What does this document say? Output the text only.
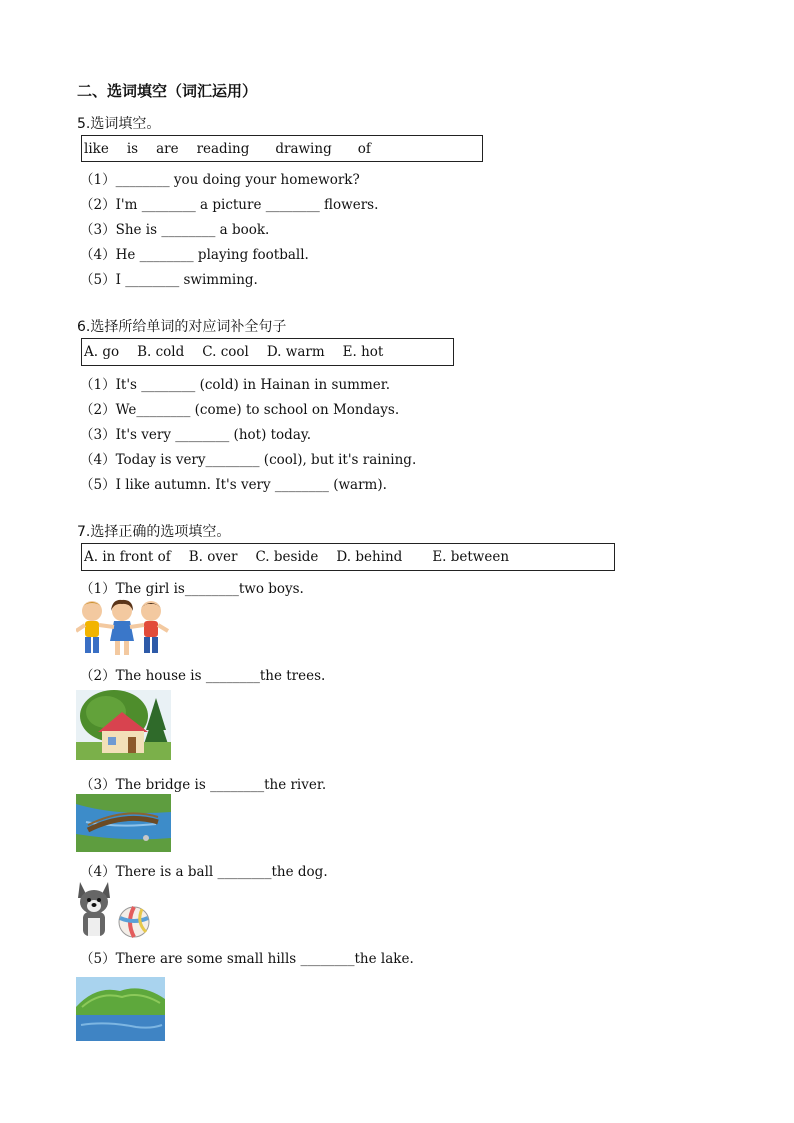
二、选词填空（词汇运用）
5.选词填空。
like is are reading drawing of
（1）________ you doing your homework?
（2）I'm ________ a picture ________ flowers.
（3）She is ________ a book.
（4）He ________ playing football.
（5）I ________ swimming.
6.选择所给单词的对应词补全句子
A. go B. cold C. cool D. warm E. hot
（1）It's ________ (cold) in Hainan in summer.
（2）We________ (come) to school on Mondays.
（3）It's very ________ (hot) today.
（4）Today is very________ (cool), but it's raining.
（5）I like autumn. It's very ________ (warm).
7.选择正确的选项填空。
A. in front of B. over C. beside D. behind E. between
（1）The girl is________two boys.
（2）The house is ________the trees.
（3）The bridge is ________the river.
（4）There is a ball ________the dog.
（5）There are some small hills ________the lake.
